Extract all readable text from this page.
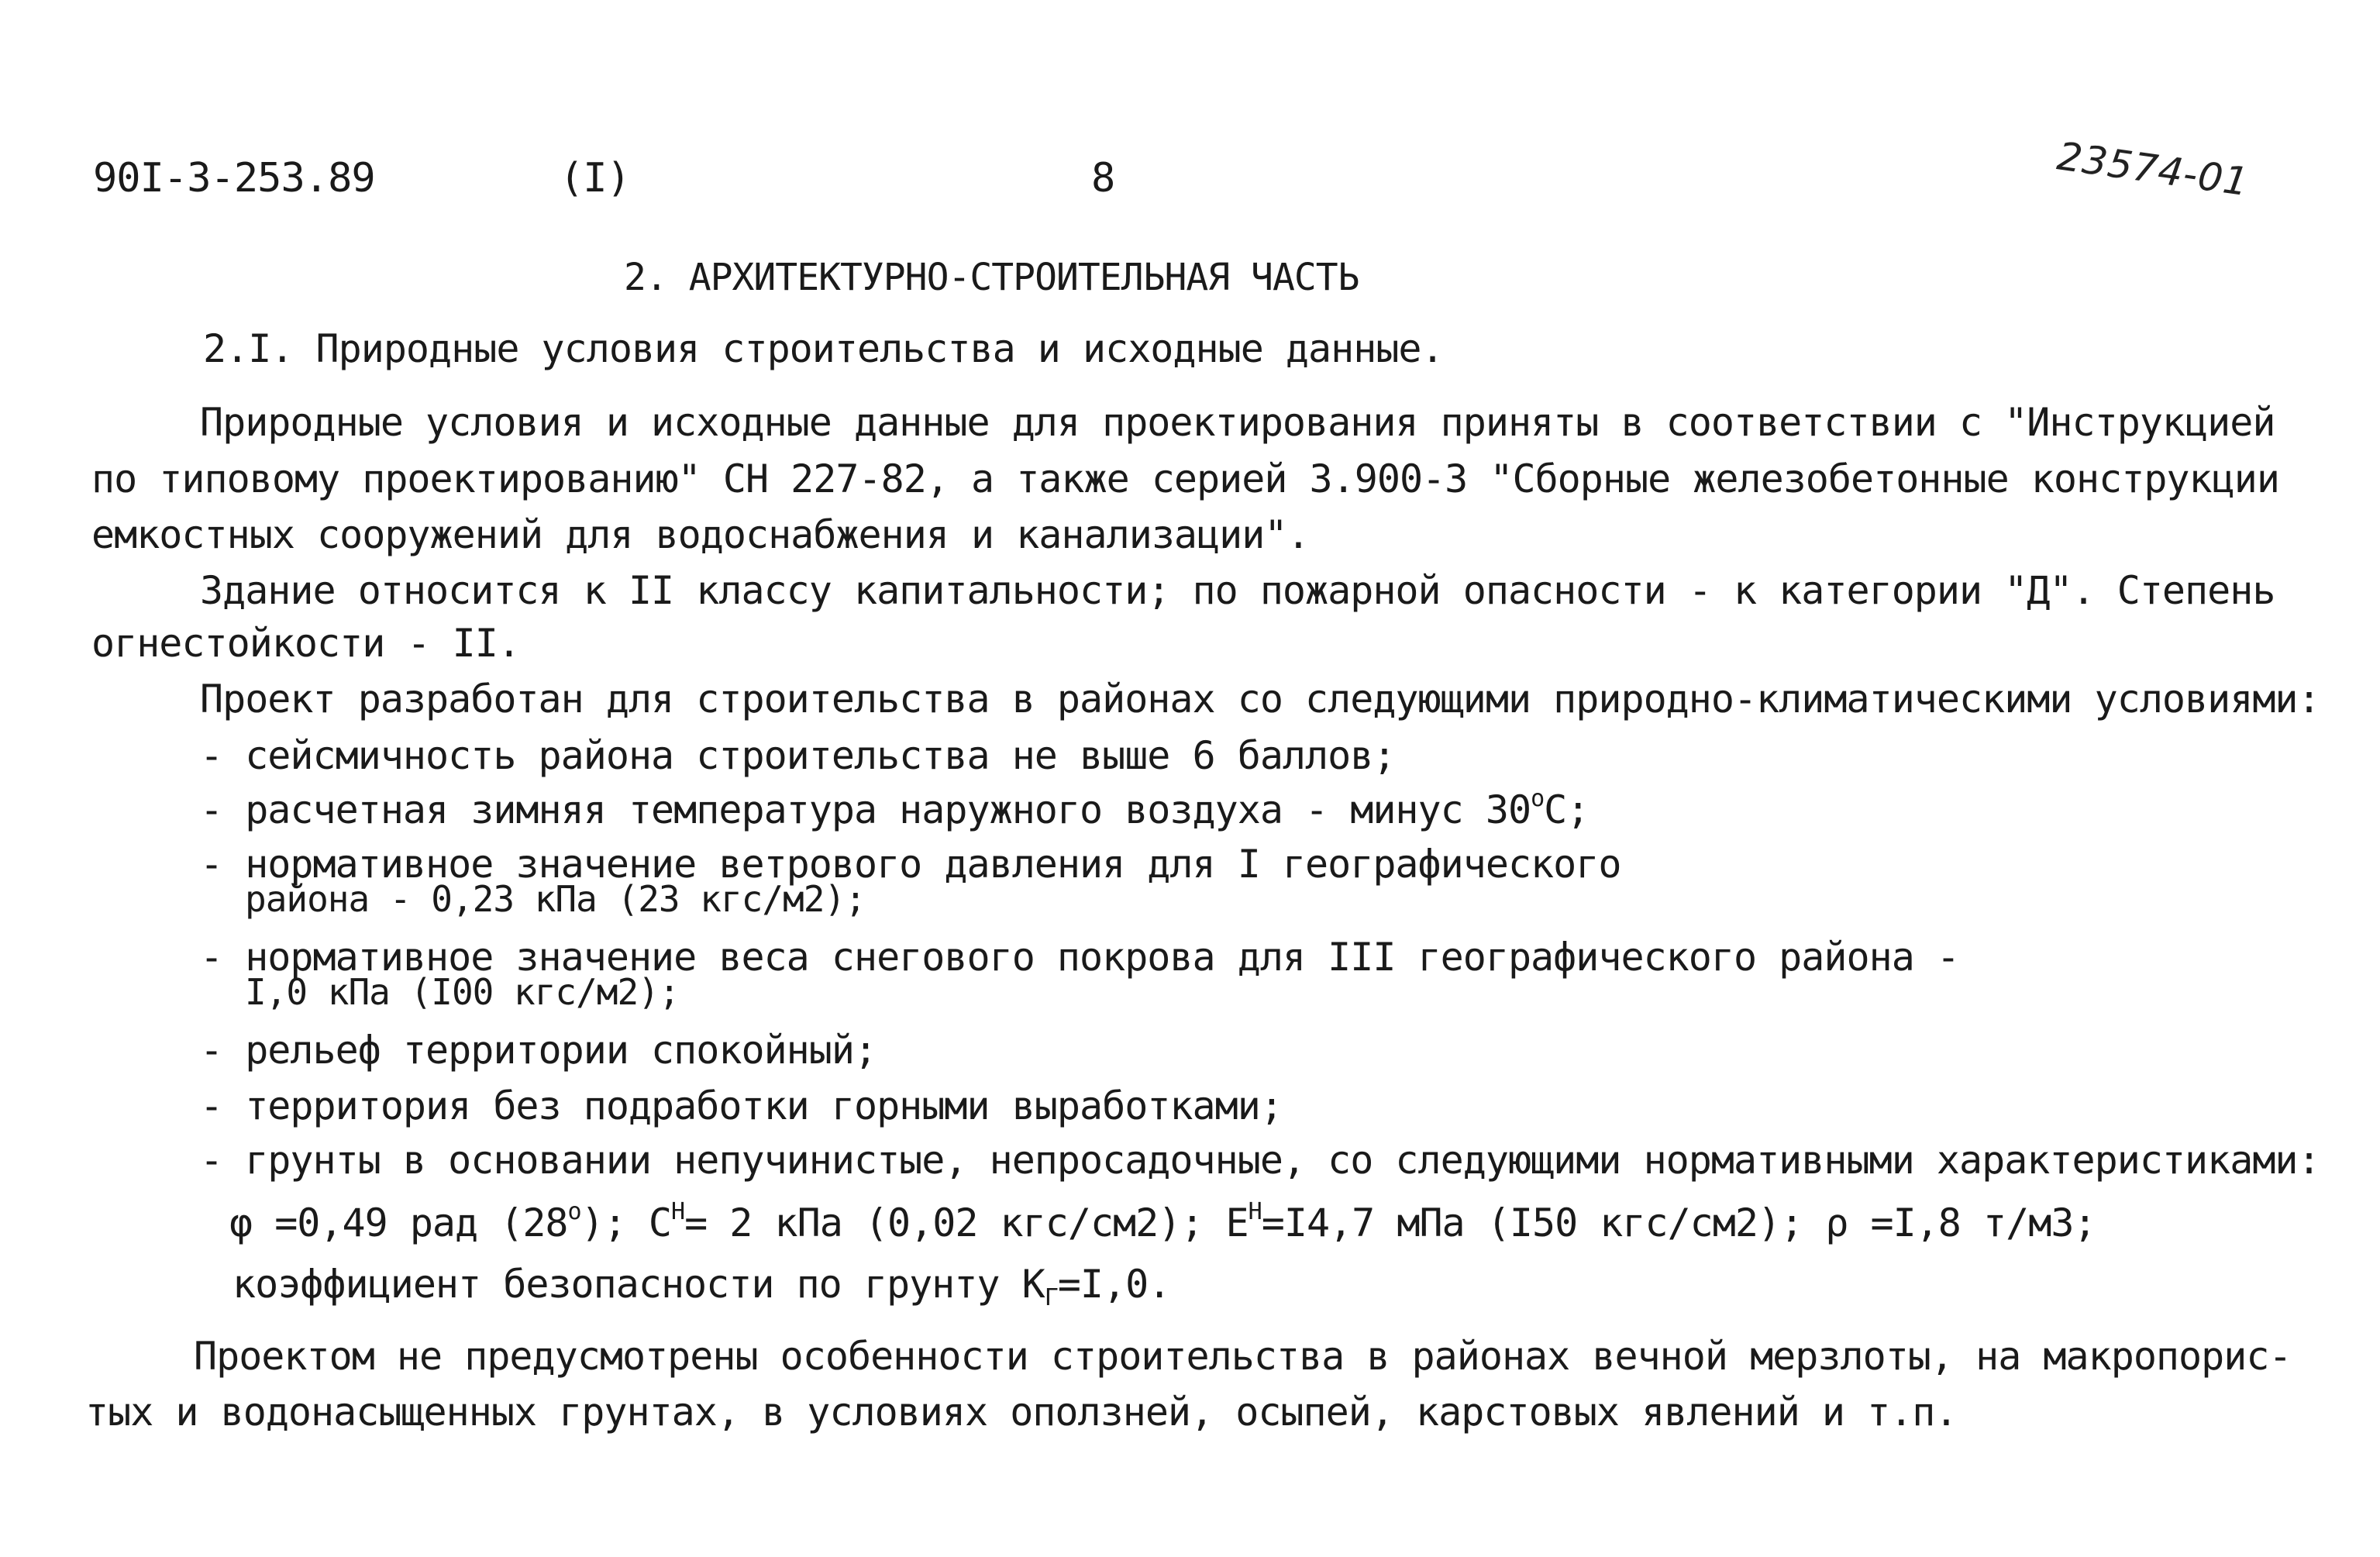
90I-3-253.89	(I)	8	23574-01
2. АРХИТЕКТУРНО-СТРОИТЕЛЬНАЯ ЧАСТЬ
2.I. Природные условия строительства и исходные данные.
Природные условия и исходные данные для проектирования приняты в соответствии с "Инструкцией
по типовому проектированию" СН 227-82, а также серией 3.900-3 "Сборные железобетонные конструкции
емкостных сооружений для водоснабжения и канализации".
Здание относится к II классу капитальности; по пожарной опасности - к категории "Д". Степень
огнестойкости - II.
Проект разработан для строительства в районах со следующими природно-климатическими условиями:
- сейсмичность района строительства не выше 6 баллов;
- расчетная зимняя температура наружного воздуха - минус $30^оС$;
- нормативное значение ветрового давления для I географического
района - 0,23 кПа (23 кгс/м2);
- нормативное значение веса снегового покрова для III географического района -
I,0 кПа (I00 кгс/м2);
- рельеф территории спокойный;
- территория без подработки горными выработками;
- грунты в основании непучинистые, непросадочные, со следующими нормативными характеристиками:
φ =0,49 рад $(28^о)$; $С^Н= 2$ кПа (0,02 кгс/см2); $Е^Н=I4,7$ мПа (I50 кгс/см2); ρ =I,8 т/м3;
коэффициент безопасности по грунту $К_Г=I,0$.
Проектом не предусмотрены особенности строительства в районах вечной мерзлоты, на макропорис-
тых и водонасыщенных грунтах, в условиях оползней, осыпей, карстовых явлений и т.п.
